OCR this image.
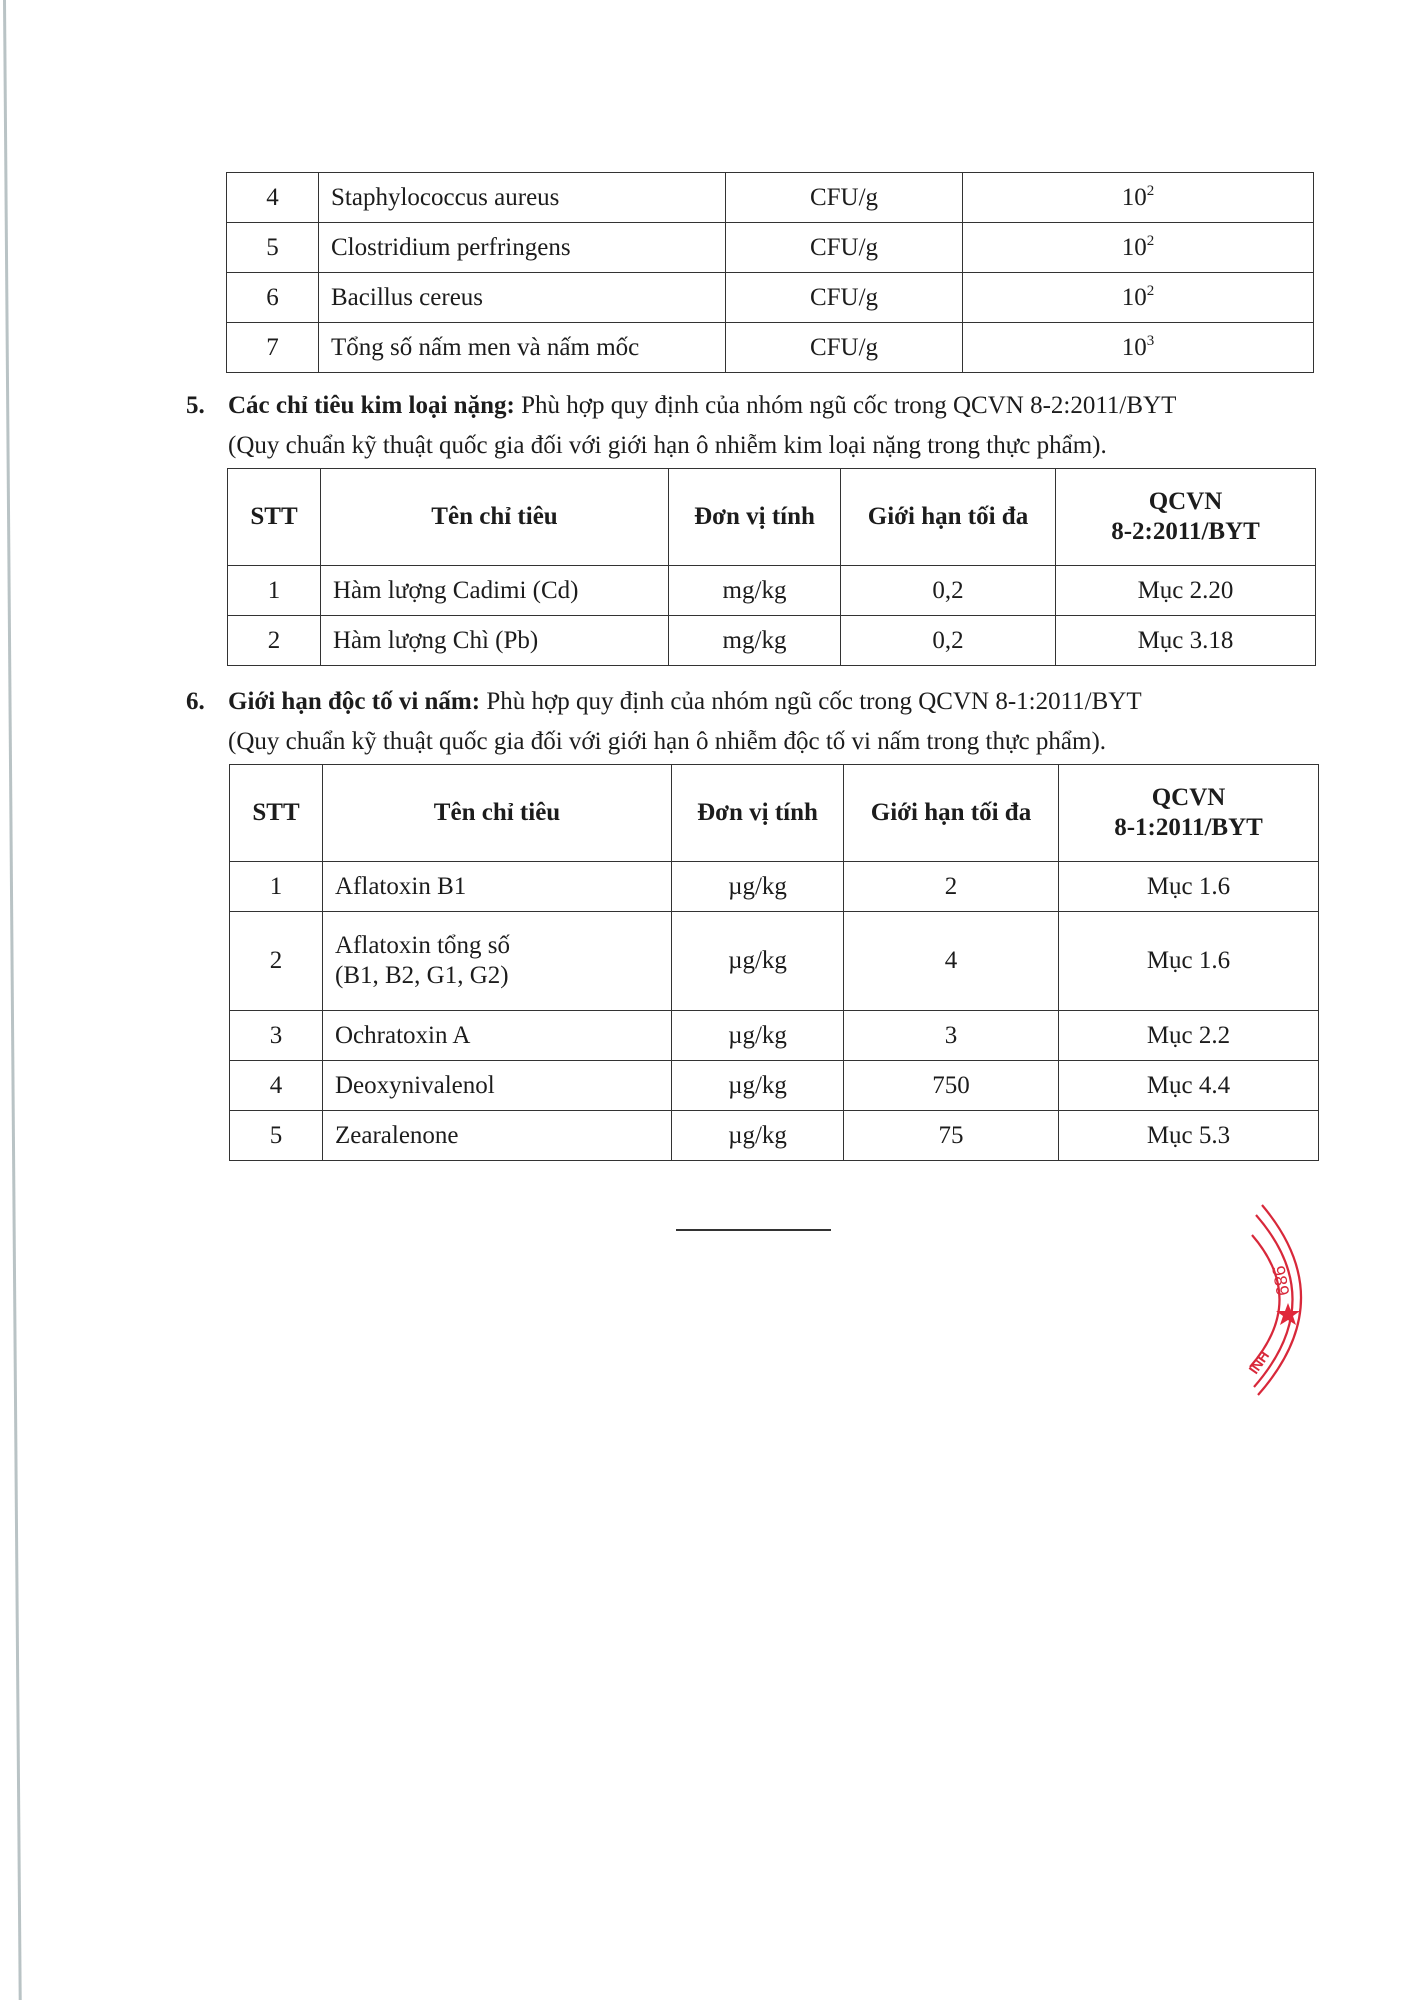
4	Staphylococcus aureus	CFU/g	$10^2$
5	Clostridium perfringens	CFU/g	$10^2$
6	Bacillus cereus	CFU/g	$10^2$
7	Tổng số nấm men và nấm mốc	CFU/g	$10^3$
5. Các chỉ tiêu kim loại nặng: Phù hợp quy định của nhóm ngũ cốc trong QCVN 8-2:2011/BYT
(Quy chuẩn kỹ thuật quốc gia đối với giới hạn ô nhiễm kim loại nặng trong thực phẩm).
STT	Tên chỉ tiêu	Đơn vị tính	Giới hạn tối đa	QCVN
8-2:2011/BYT

1	Hàm lượng Cadimi (Cd)	mg/kg	0,2	Mục 2.20
2	Hàm lượng Chì (Pb)	mg/kg	0,2	Mục 3.18
6. Giới hạn độc tố vi nấm: Phù hợp quy định của nhóm ngũ cốc trong QCVN 8-1:2011/BYT
(Quy chuẩn kỹ thuật quốc gia đối với giới hạn ô nhiễm độc tố vi nấm trong thực phẩm).
STT	Tên chỉ tiêu	Đơn vị tính	Giới hạn tối đa	QCVN
8-1:2011/BYT

1	Aflatoxin B1	µg/kg	2	Mục 1.6
2	Aflatoxin tổng số
(B1, B2, G1, G2)	µg/kg	4	Mục 1.6
3	Ochratoxin A	µg/kg	3	Mục 2.2
4	Deoxynivalenol	µg/kg	750	Mục 4.4
5	Zearalenone	µg/kg	75	Mục 5.3
989
INH
